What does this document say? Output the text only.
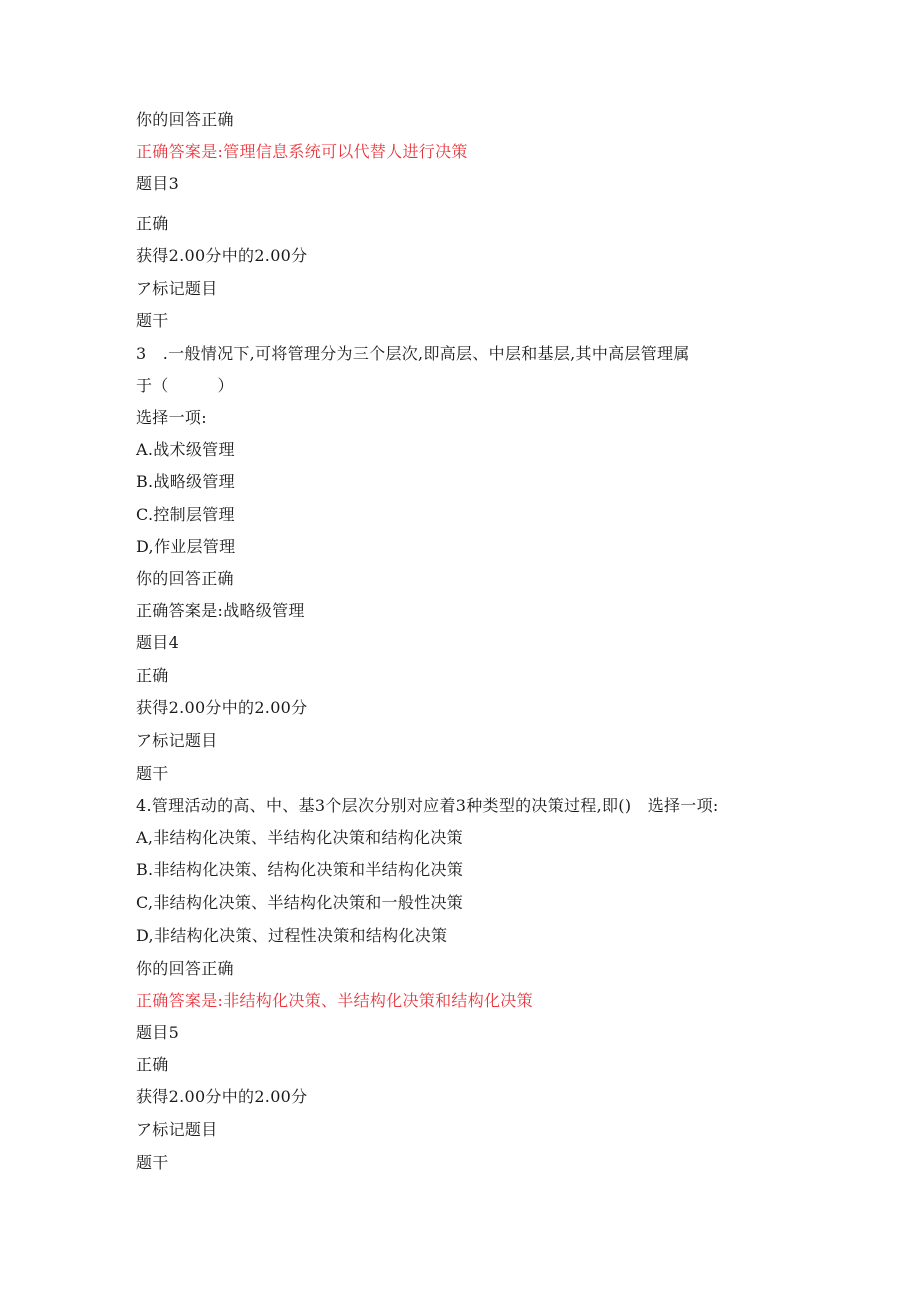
你的回答正确
正确答案是:管理信息系统可以代替人进行决策
题目3
正确
获得2.00分中的2.00分
ア标记题目
题干
3　.一般情况下,可将管理分为三个层次,即高层、中层和基层,其中高层管理属
于（　　　）
选择一项:
A.战术级管理
B.战略级管理
C.控制层管理
D,作业层管理
你的回答正确
正确答案是:战略级管理
题目4
正确
获得2.00分中的2.00分
ア标记题目
题干
4.管理活动的高、中、基3个层次分别对应着3种类型的决策过程,即()　选择一项:
A,非结构化决策、半结构化决策和结构化决策
B.非结构化决策、结构化决策和半结构化决策
C,非结构化决策、半结构化决策和一般性决策
D,非结构化决策、过程性决策和结构化决策
你的回答正确
正确答案是:非结构化决策、半结构化决策和结构化决策
题目5
正确
获得2.00分中的2.00分
ア标记题目
题干
